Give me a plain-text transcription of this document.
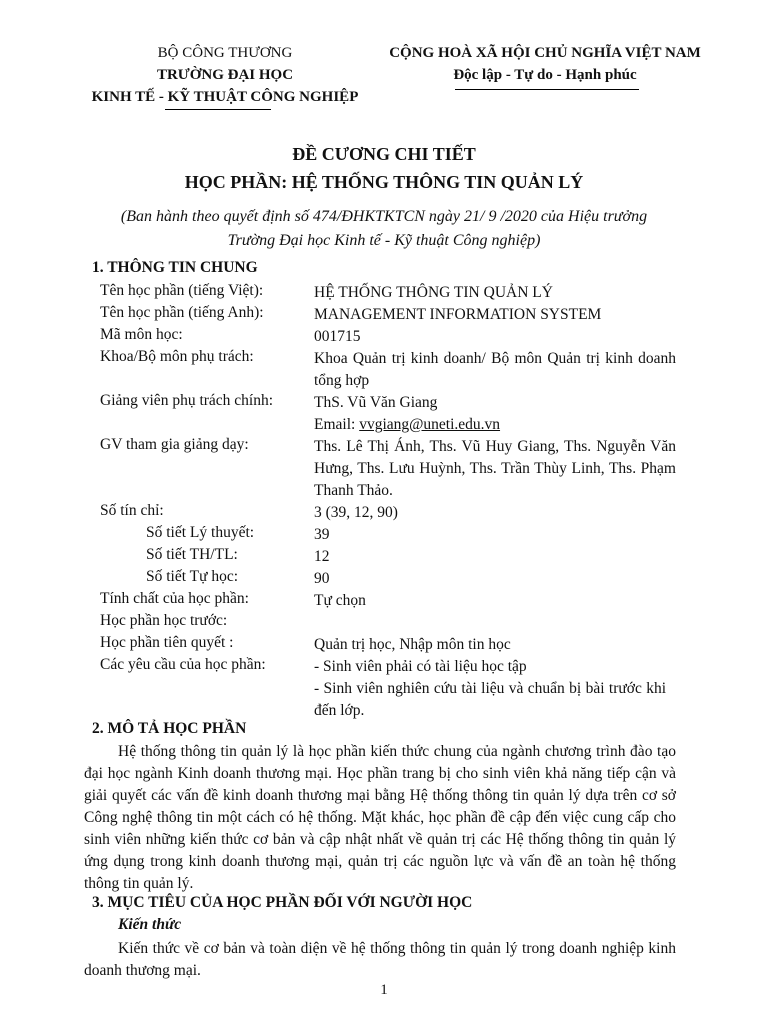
BỘ CÔNG THƯƠNG
TRƯỜNG ĐẠI HỌC
KINH TẾ - KỸ THUẬT CÔNG NGHIỆP
CỘNG HOÀ XÃ HỘI CHỦ NGHĨA VIỆT NAM
Độc lập - Tự do - Hạnh phúc
ĐỀ CƯƠNG CHI TIẾT
HỌC PHẦN: HỆ THỐNG THÔNG TIN QUẢN LÝ
(Ban hành theo quyết định số 474/ĐHKTKTCN ngày 21/ 9 /2020 của Hiệu trưởng
Trường Đại học Kinh tế - Kỹ thuật Công nghiệp)
1. THÔNG TIN CHUNG
Tên học phần (tiếng Việt):	HỆ THỐNG THÔNG TIN QUẢN LÝ
Tên học phần (tiếng Anh):	MANAGEMENT INFORMATION SYSTEM
Mã môn học:	001715
Khoa/Bộ môn phụ trách:	Khoa Quản trị kinh doanh/ Bộ môn Quản trị kinh doanh tổng hợp
Giảng viên phụ trách chính:	ThS. Vũ Văn Giang
Email: vvgiang@uneti.edu.vn
GV tham gia giảng dạy:	Ths. Lê Thị Ánh, Ths. Vũ Huy Giang, Ths. Nguyễn Văn Hưng, Ths. Lưu Huỳnh, Ths. Trần Thùy Linh, Ths. Phạm Thanh Thảo.
Số tín chỉ:	3 (39, 12, 90)
Số tiết Lý thuyết:	39
Số tiết TH/TL:	12
Số tiết Tự học:	90
Tính chất của học phần:	Tự chọn
Học phần học trước:
Học phần tiên quyết :	Quản trị học, Nhập môn tin học
Các yêu cầu của học phần:	- Sinh viên phải có tài liệu học tập
- Sinh viên nghiên cứu tài liệu và chuẩn bị bài trước khi đến lớp.
2. MÔ TẢ HỌC PHẦN
Hệ thống thông tin quản lý là học phần kiến thức chung của ngành chương trình đào tạo đại học ngành Kinh doanh thương mại. Học phần trang bị cho sinh viên khả năng tiếp cận và giải quyết các vấn đề kinh doanh thương mại bằng Hệ thống thông tin quản lý dựa trên cơ sở Công nghệ thông tin một cách có hệ thống. Mặt khác, học phần đề cập đến việc cung cấp cho sinh viên những kiến thức cơ bản và cập nhật nhất về quản trị các Hệ thống thông tin quản lý ứng dụng trong kinh doanh thương mại, quản trị các nguồn lực và vấn đề an toàn hệ thống thông tin quản lý.
3. MỤC TIÊU CỦA HỌC PHẦN ĐỐI VỚI NGƯỜI HỌC
Kiến thức
Kiến thức về cơ bản và toàn diện về hệ thống thông tin quản lý trong doanh nghiệp kinh doanh thương mại.
1
